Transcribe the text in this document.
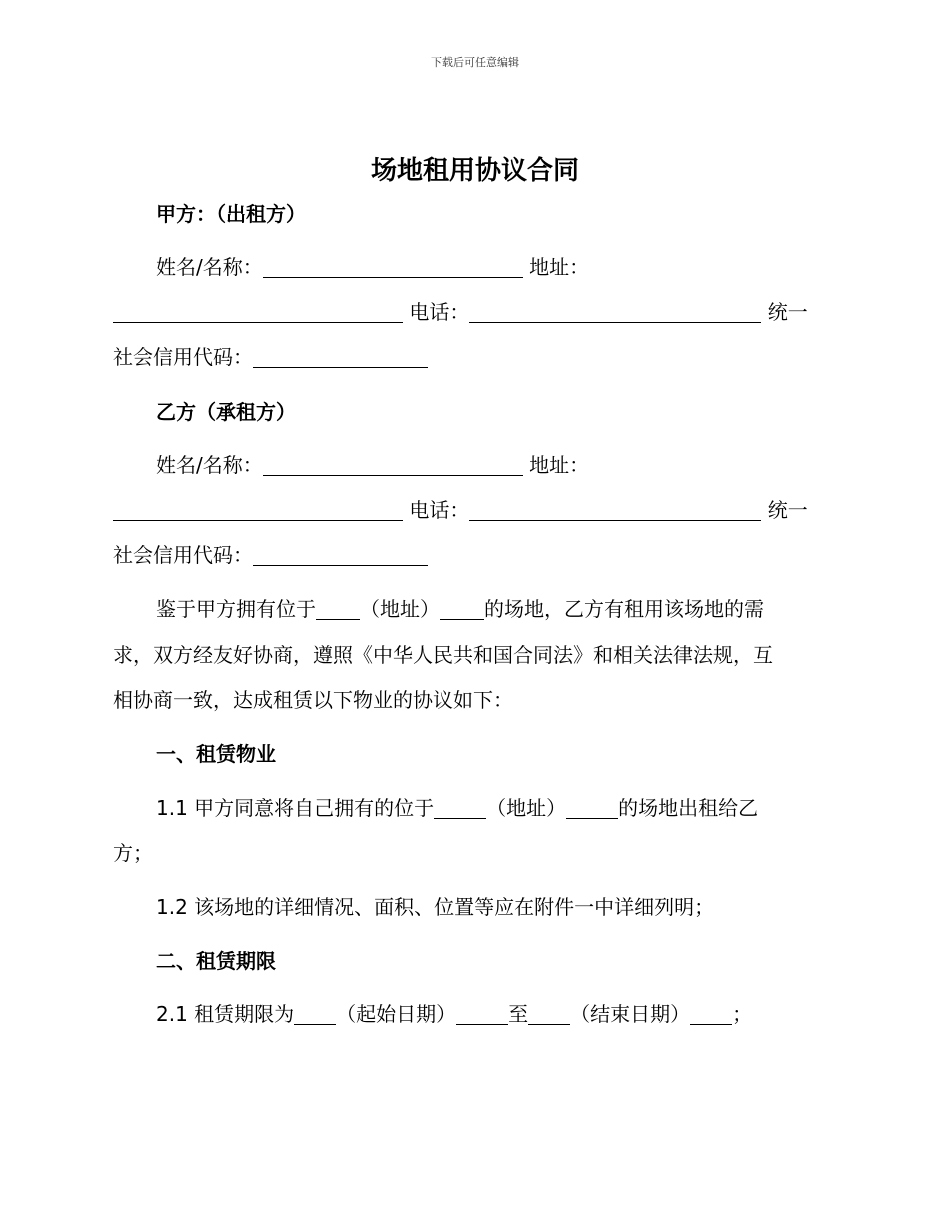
下载后可任意编辑
场地租用协议合同
甲方：（出租方）
姓名/名称：	地址：
电话：	统一
社会信用代码：
乙方（承租方）
姓名/名称：	地址：
电话：	统一
社会信用代码：
鉴于甲方拥有位于 （地址） 的场地，乙方有租用该场地的需
求，双方经友好协商，遵照《中华人民共和国合同法》和相关法律法规，互
相协商一致，达成租赁以下物业的协议如下：
一、租赁物业
1.1 甲方同意将自己拥有的位于	（地址）	的场地出租给乙
方；
1.2 该场地的详细情况、面积、位置等应在附件一中详细列明；
二、租赁期限
2.1 租赁期限为 （起始日期）	至 （结束日期） ；
